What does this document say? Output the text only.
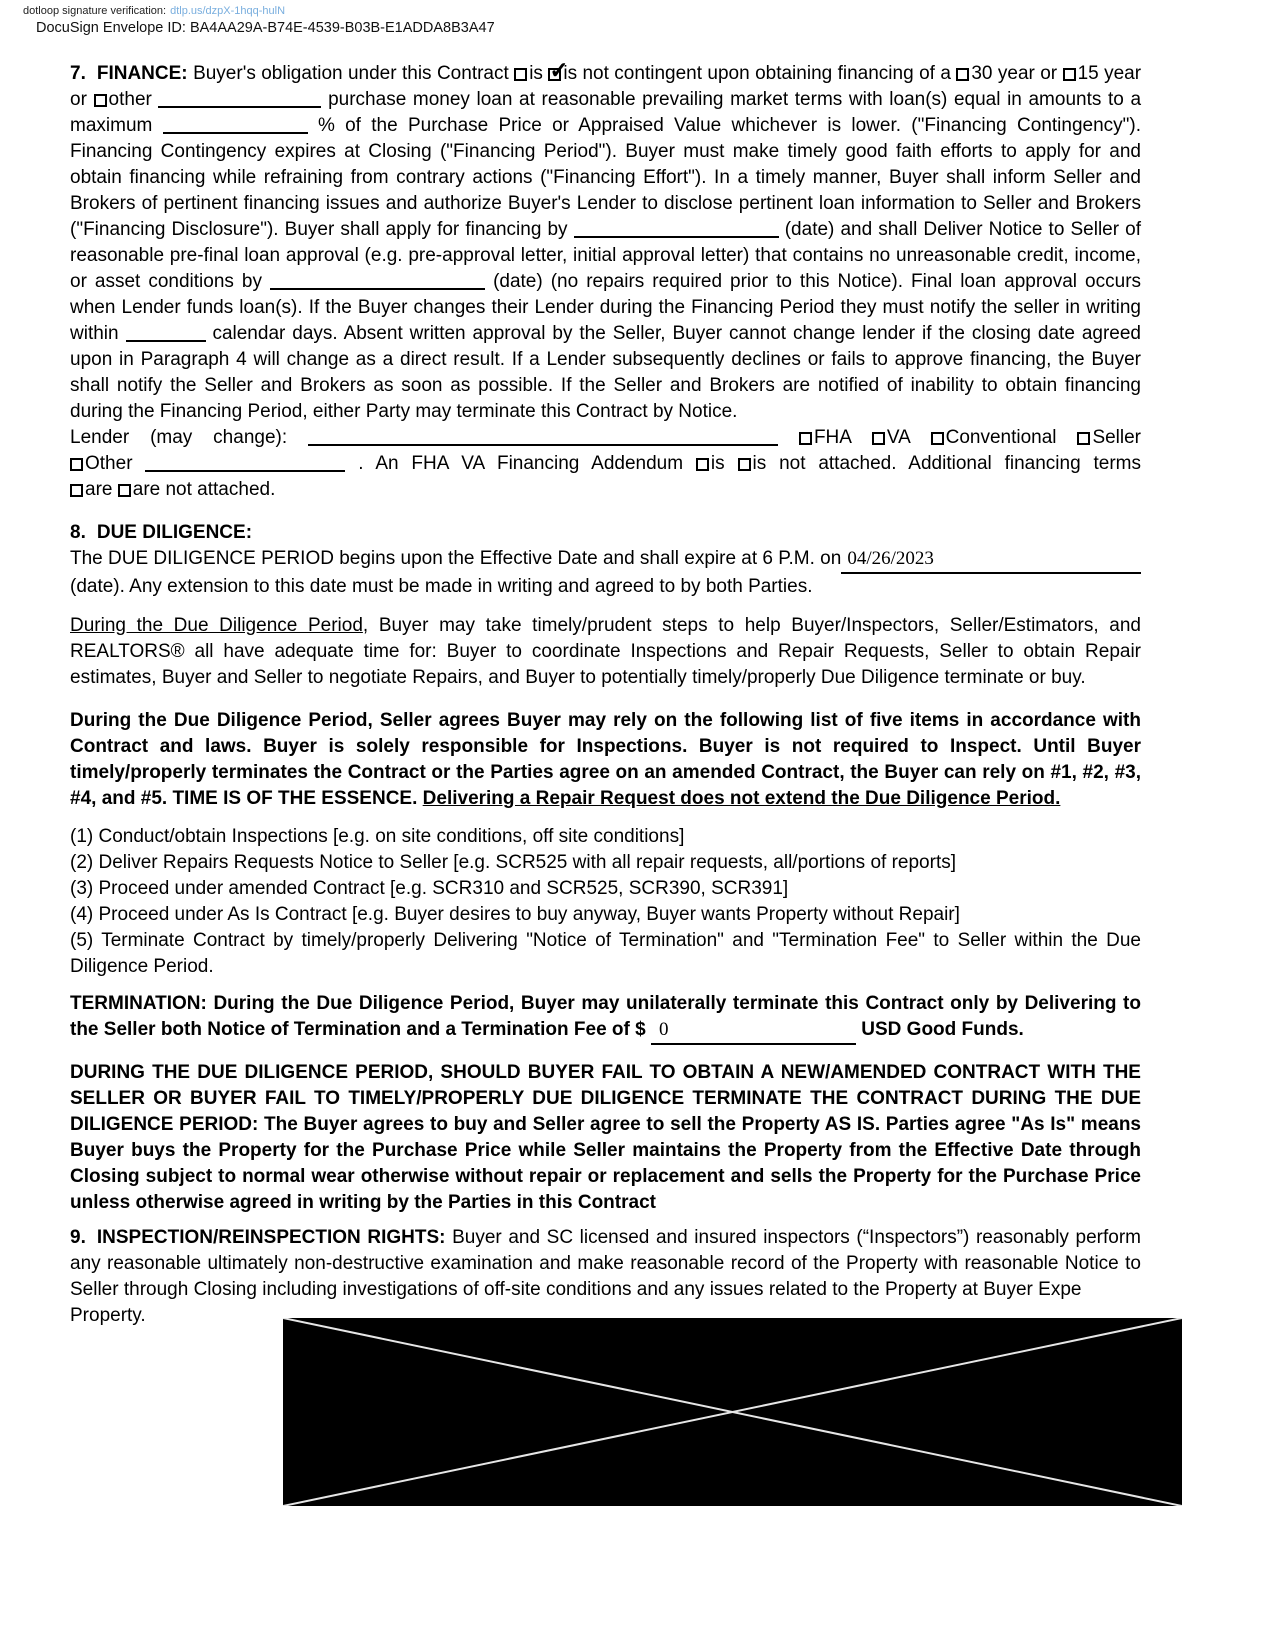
dotloop signature verification: dtlp.us/dzpX-1hqq-hulN
DocuSign Envelope ID: BA4AA29A-B74E-4539-B03B-E1ADDA8B3A47
7. FINANCE: Buyer's obligation under this Contract is ✓
is not contingent upon obtaining financing of a 30 year or 15 year or other	purchase money loan at reasonable prevailing market terms with loan(s) equal in amounts to a maximum	% of the Purchase Price or Appraised Value whichever is lower. ("Financing Contingency"). Financing Contingency expires at Closing ("Financing Period"). Buyer must make timely good faith efforts to apply for and obtain financing while refraining from contrary actions ("Financing Effort"). In a timely manner, Buyer shall inform Seller and Brokers of pertinent financing issues and authorize Buyer's Lender to disclose pertinent loan information to Seller and Brokers ("Financing Disclosure"). Buyer shall apply for financing by	(date) and shall Deliver Notice to Seller of reasonable pre-final loan approval (e.g. pre-approval letter, initial approval letter) that contains no unreasonable credit, income, or asset conditions by	(date) (no repairs required prior to this Notice). Final loan approval occurs when Lender funds loan(s). If the Buyer changes their Lender during the Financing Period they must notify the seller in writing within	calendar days. Absent written approval by the Seller, Buyer cannot change lender if the closing date agreed upon in Paragraph 4 will change as a direct result. If a Lender subsequently declines or fails to approve financing, the Buyer shall notify the Seller and Brokers as soon as possible. If the Seller and Brokers are notified of inability to obtain financing during the Financing Period, either Party may terminate this Contract by Notice.
Lender (may change):	FHA VA Conventional Seller
Other	. An FHA VA Financing Addendum is is not attached. Additional financing terms
are are not attached.
8. DUE DILIGENCE:
The DUE DILIGENCE PERIOD begins upon the Effective Date and shall expire at 6 P.M. on 04/26/2023
(date). Any extension to this date must be made in writing and agreed to by both Parties.
During the Due Diligence Period, Buyer may take timely/prudent steps to help Buyer/Inspectors, Seller/Estimators, and REALTORS® all have adequate time for: Buyer to coordinate Inspections and Repair Requests, Seller to obtain Repair estimates, Buyer and Seller to negotiate Repairs, and Buyer to potentially timely/properly Due Diligence terminate or buy.
During the Due Diligence Period, Seller agrees Buyer may rely on the following list of five items in accordance with Contract and laws. Buyer is solely responsible for Inspections. Buyer is not required to Inspect. Until Buyer timely/properly terminates the Contract or the Parties agree on an amended Contract, the Buyer can rely on #1, #2, #3, #4, and #5. TIME IS OF THE ESSENCE. Delivering a Repair Request does not extend the Due Diligence Period.
(1) Conduct/obtain Inspections [e.g. on site conditions, off site conditions]
(2) Deliver Repairs Requests Notice to Seller [e.g. SCR525 with all repair requests, all/portions of reports]
(3) Proceed under amended Contract [e.g. SCR310 and SCR525, SCR390, SCR391]
(4) Proceed under As Is Contract [e.g. Buyer desires to buy anyway, Buyer wants Property without Repair]
(5) Terminate Contract by timely/properly Delivering "Notice of Termination" and "Termination Fee" to Seller within the Due Diligence Period.
TERMINATION: During the Due Diligence Period, Buyer may unilaterally terminate this Contract only by Delivering to the Seller both Notice of Termination and a Termination Fee of $ 0	USD Good Funds.
DURING THE DUE DILIGENCE PERIOD, SHOULD BUYER FAIL TO OBTAIN A NEW/AMENDED CONTRACT WITH THE SELLER OR BUYER FAIL TO TIMELY/PROPERLY DUE DILIGENCE TERMINATE THE CONTRACT DURING THE DUE DILIGENCE PERIOD: The Buyer agrees to buy and Seller agree to sell the Property AS IS. Parties agree "As Is" means Buyer buys the Property for the Purchase Price while Seller maintains the Property from the Effective Date through Closing subject to normal wear otherwise without repair or replacement and sells the Property for the Purchase Price unless otherwise agreed in writing by the Parties in this Contract
9. INSPECTION/REINSPECTION RIGHTS: Buyer and SC licensed and insured inspectors (“Inspectors”) reasonably perform any reasonable ultimately non-destructive examination and make reasonable record of the Property with reasonable Notice to Seller through Closing including investigations of off-site conditions and any issues related to the Property at Buyer Expe
Property.
